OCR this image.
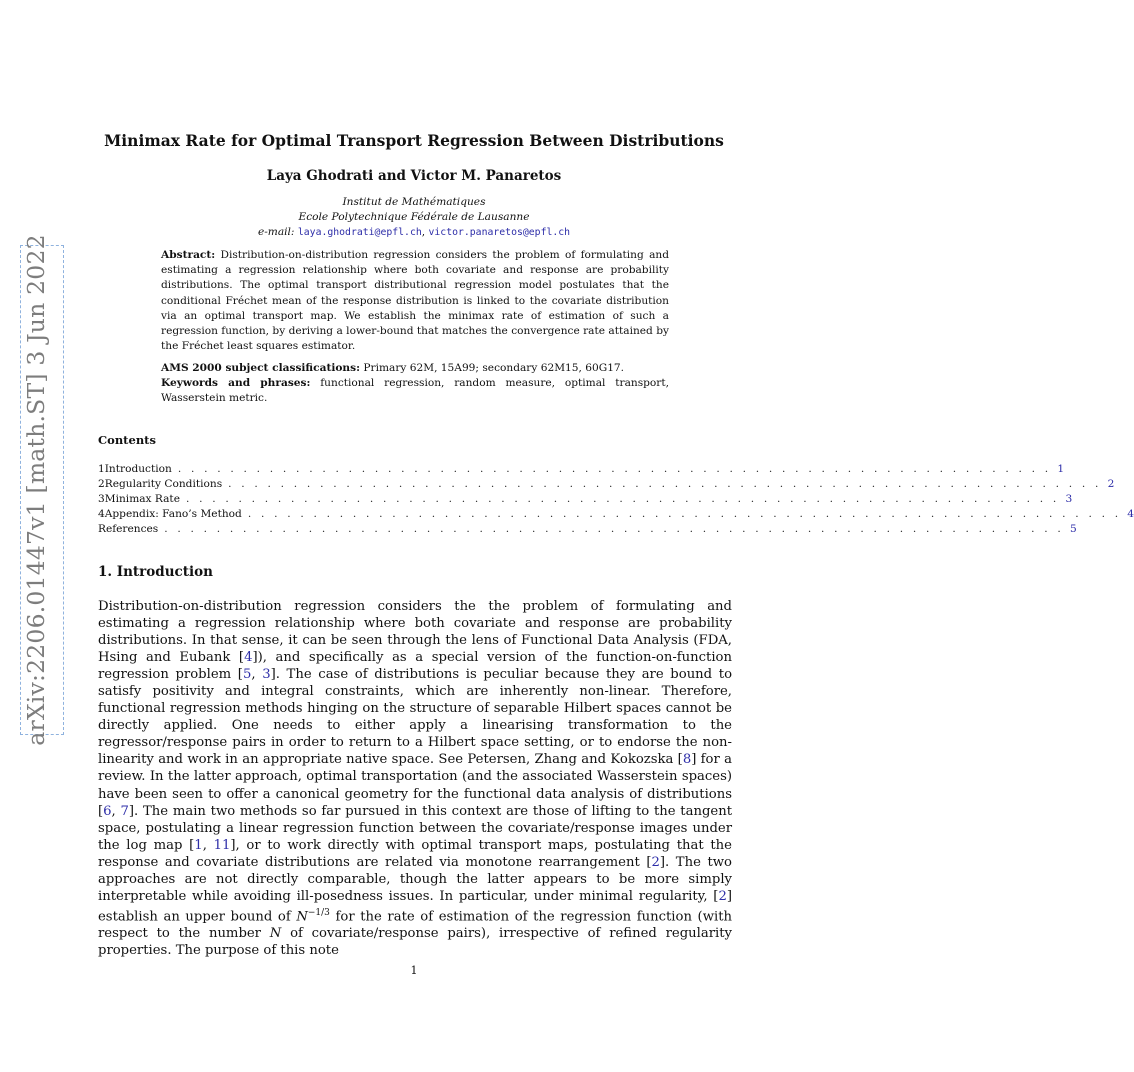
arXiv:2206.01447v1 [math.ST] 3 Jun 2022
Minimax Rate for Optimal Transport Regression Between Distributions
Laya Ghodrati and Victor M. Panaretos
Institut de Mathématiques
Ecole Polytechnique Fédérale de Lausanne
e-mail: laya.ghodrati@epfl.ch, victor.panaretos@epfl.ch

Abstract: Distribution-on-distribution regression considers the problem of formulating and estimating a regression relationship where both covariate and response are probability distributions. The optimal transport distributional regression model postulates that the conditional Fréchet mean of the response distribution is linked to the covariate distribution via an optimal transport map. We establish the minimax rate of estimation of such a regression function, by deriving a lower-bound that matches the convergence rate attained by the Fréchet least squares estimator.

AMS 2000 subject classifications: Primary 62M, 15A99; secondary 62M15, 60G17.
Keywords and phrases: functional regression, random measure, optimal transport, Wasserstein metric.

Contents
1 Introduction . . . . . . . . . . . . . . . . . . . . . . . . . . . . . . . . . . . . . . . . . . . . . . . . . . . . . . . . . . . . . . . . . . . 1
2 Regularity Conditions . . . . . . . . . . . . . . . . . . . . . . . . . . . . . . . . . . . . . . . . . . . . . . . . . . . . . . . . . . . . . . . . . . . 2
3 Minimax Rate . . . . . . . . . . . . . . . . . . . . . . . . . . . . . . . . . . . . . . . . . . . . . . . . . . . . . . . . . . . . . . . . . . . 3
4 Appendix: Fano’s Method . . . . . . . . . . . . . . . . . . . . . . . . . . . . . . . . . . . . . . . . . . . . . . . . . . . . . . . . . . . . . . . . . . . 4
References . . . . . . . . . . . . . . . . . . . . . . . . . . . . . . . . . . . . . . . . . . . . . . . . . . . . . . . . . . . . . . . . . . . . . 5
1. Introduction

Distribution-on-distribution regression considers the the problem of formulating and estimating a regression relationship where both covariate and response are probability distributions. In that sense, it can be seen through the lens of Functional Data Analysis (FDA, Hsing and Eubank [4]), and specifically as a special version of the function-on-function regression problem [5, 3]. The case of distributions is peculiar because they are bound to satisfy positivity and integral constraints, which are inherently non-linear. Therefore, functional regression methods hinging on the structure of separable Hilbert spaces cannot be directly applied. One needs to either apply a linearising transformation to the regressor/response pairs in order to return to a Hilbert space setting, or to endorse the non-linearity and work in an appropriate native space. See Petersen, Zhang and Kokozska [8] for a review. In the latter approach, optimal transportation (and the associated Wasserstein spaces) have been seen to offer a canonical geometry for the functional data analysis of distributions [6, 7]. The main two methods so far pursued in this context are those of lifting to the tangent space, postulating a linear regression function between the covariate/response images under the log map [1, 11], or to work directly with optimal transport maps, postulating that the response and covariate distributions are related via monotone rearrangement [2]. The two approaches are not directly comparable, though the latter appears to be more simply interpretable while avoiding ill-posedness issues. In particular, under minimal regularity, [2] establish an upper bound of $N^{-1/3}$ for the rate of estimation of the regression function (with respect to the number N of covariate/response pairs), irrespective of refined regularity properties. The purpose of this note

1
